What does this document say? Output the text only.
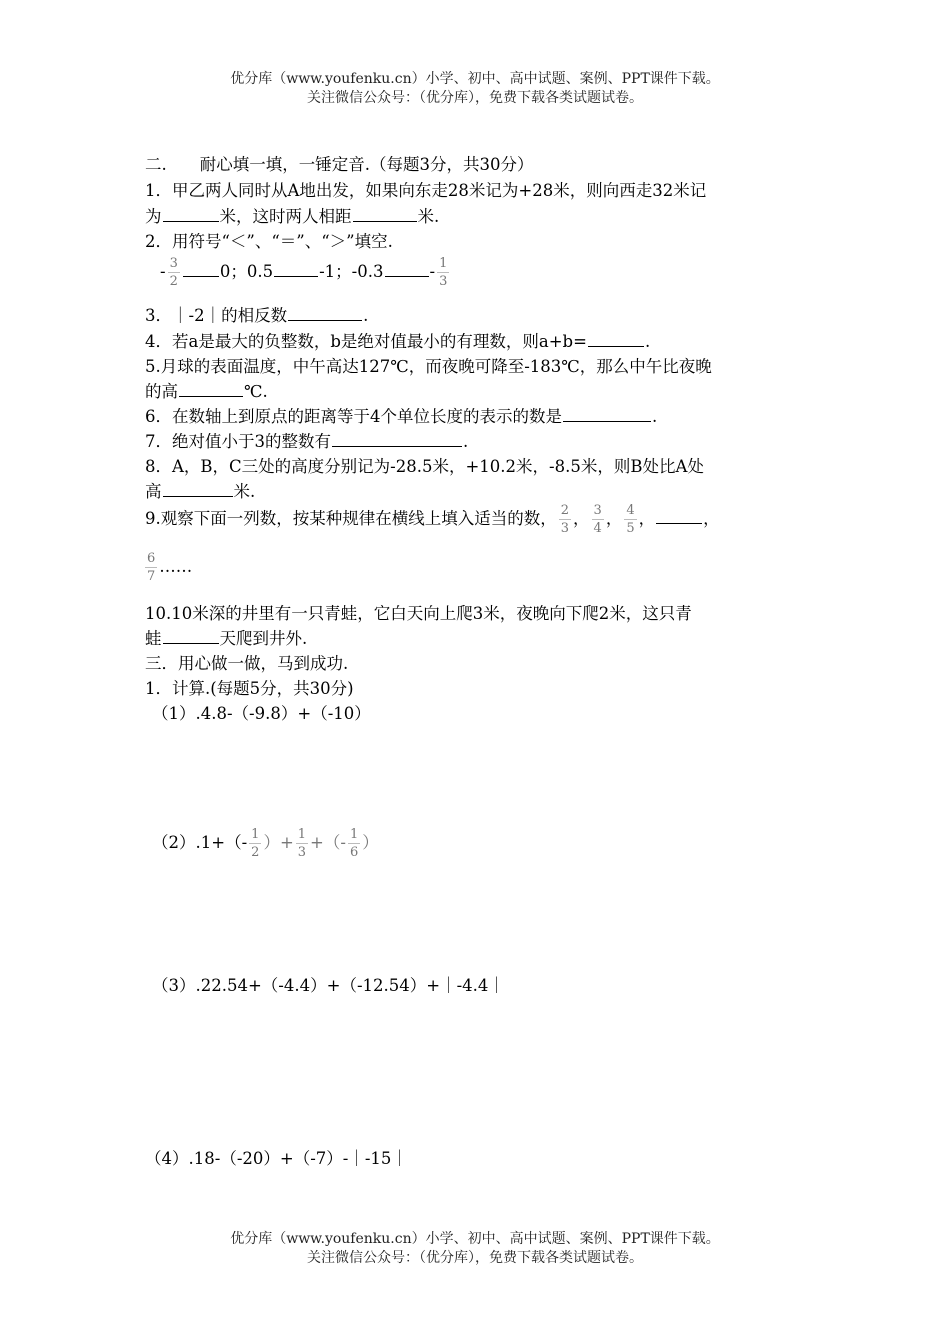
优分库（www.youfenku.cn）小学、初中、高中试题、案例、PPT课件下载。
关注微信公众号：（优分库），免费下载各类试题试卷。
二.　　耐心填一填，一锤定音.（每题3分，共30分）
1．甲乙两人同时从A地出发，如果向东走28米记为+28米，则向西走32米记
为	米，这时两人相距	米.
2．用符号“＜”、“＝”、“＞”填空.
- $\frac{3}{2} 0$；0.5	-1；-0.3	- $\frac{1}{3}$
3．｜-2｜的相反数	.
4．若a是最大的负整数，b是绝对值最小的有理数，则a+b=	.
5.月球的表面温度，中午高达127℃，而夜晚可降至-183℃，那么中午比夜晚
的高	℃.
6．在数轴上到原点的距离等于4个单位长度的表示的数是	.
7．绝对值小于3的整数有	.
8．A，B，C三处的高度分别记为-28.5米，+10.2米，-8.5米，则B处比A处
高	米.
9.观察下面一列数，按某种规律在横线上填入适当的数， $\frac{2}{3}$ ， $\frac{3}{4}$ ， $\frac{4}{5}$ ，	，
$\frac{6}{7}$ ……
10.10米深的井里有一只青蛙，它白天向上爬3米，夜晚向下爬2米，这只青
蛙	天爬到井外.
三．用心做一做，马到成功.
1．计算.(每题5分，共30分)
（1）.4.8-（-9.8）+（-10）
$(2).1+(- \frac{1}{2}$ ）+ $\frac{1}{3}$ +（- $\frac{1}{6}$ ）
（3）.22.54+（-4.4）+（-12.54）+｜-4.4｜
（4）.18-（-20）+（-7）-｜-15｜
优分库（www.youfenku.cn）小学、初中、高中试题、案例、PPT课件下载。
关注微信公众号：（优分库），免费下载各类试题试卷。
